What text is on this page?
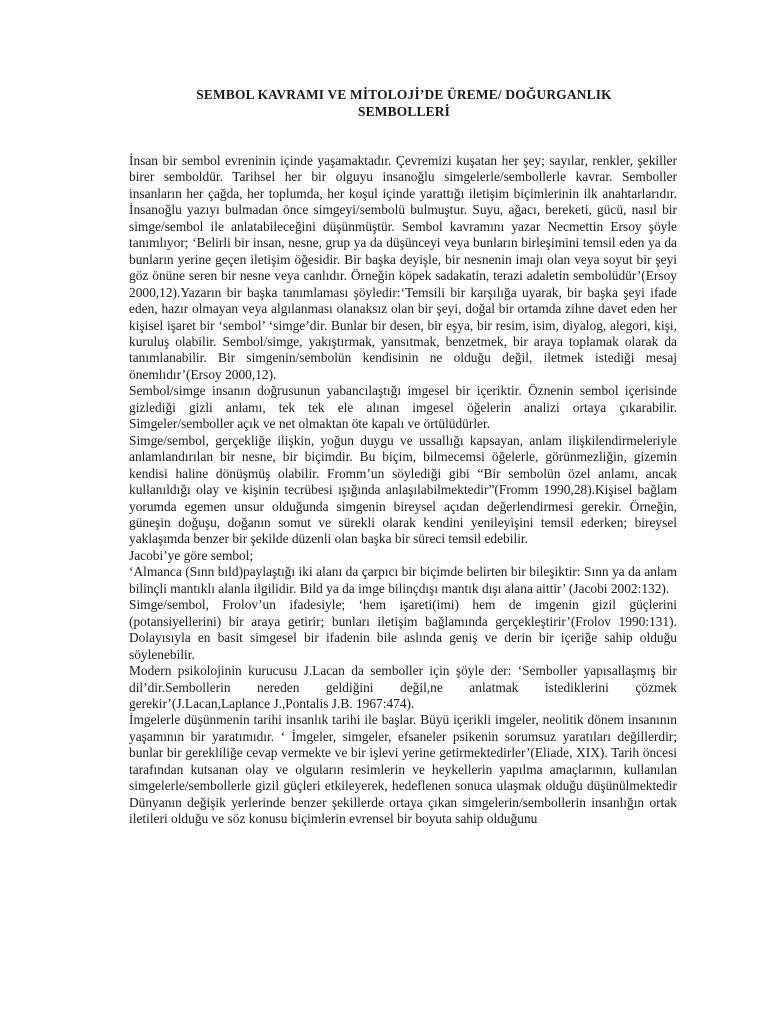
SEMBOL KAVRAMI VE MİTOLOJİ’DE ÜREME/ DOĞURGANLIK
SEMBOLLERİ

İnsan bir sembol evreninin içinde yaşamaktadır. Çevremizi kuşatan her şey; sayılar, renkler, şekiller birer semboldür. Tarihsel her bir olguyu insanoğlu simgelerle/sembollerle kavrar. Semboller insanların her çağda, her toplumda, her koşul içinde yarattığı iletişim biçimlerinin ilk anahtarlarıdır. İnsanoğlu yazıyı bulmadan önce simgeyi/sembolü bulmuştur. Suyu, ağacı, bereketi, gücü, nasıl bir simge/sembol ile anlatabileceğini düşünmüştür. Sembol kavramını yazar Necmettin Ersoy şöyle tanımlıyor; ‘Belirli bir insan, nesne, grup ya da düşünceyi veya bunların birleşimini temsil eden ya da bunların yerine geçen iletişim öğesidir. Bir başka deyişle, bir nesnenin imajı olan veya soyut bir şeyi göz önüne seren bir nesne veya canlıdır. Örneğin köpek sadakatin, terazi adaletin sembolüdür’(Ersoy 2000,12).Yazarın bir başka tanımlaması şöyledir:‘Temsili bir karşılığa uyarak, bir başka şeyi ifade eden, hazır olmayan veya algılanması olanaksız olan bir şeyi, doğal bir ortamda zihne davet eden her kişisel işaret bir ‘sembol’ ‘simge’dir. Bunlar bir desen, bir eşya, bir resim, isim, diyalog, alegori, kişi, kuruluş olabilir. Sembol/simge, yakıştırmak, yansıtmak, benzetmek, bir araya toplamak olarak da tanımlanabilir. Bir simgenin/sembolün kendisinin ne olduğu değil, iletmek istediği mesaj önemlıdır’(Ersoy 2000,12).

Sembol/simge insanın doğrusunun yabancılaştığı imgesel bir içeriktir. Öznenin sembol içerisinde gizlediği gizli anlamı, tek tek ele alınan imgesel öğelerin analizi ortaya çıkarabilir. Simgeler/semboller açık ve net olmaktan öte kapalı ve örtülüdürler.

Simge/sembol, gerçekliğe ilişkin, yoğun duygu ve ussallığı kapsayan, anlam ilişkilendirmeleriyle anlamlandırılan bir nesne, bir biçimdir. Bu biçim, bilmecemsi öğelerle, görünmezliğin, gizemin kendisi haline dönüşmüş olabilir. Fromm’un söylediği gibi “Bir sembolün özel anlamı, ancak kullanıldığı olay ve kişinin tecrübesi ışığında anlaşılabilmektedir”(Fromm 1990,28).Kişisel bağlam yorumda egemen unsur olduğunda simgenin bireysel açıdan değerlendirmesi gerekir. Örneğin, güneşin doğuşu, doğanın somut ve sürekli olarak kendini yenileyişini temsil ederken; bireysel yaklaşımda benzer bir şekilde düzenli olan başka bir süreci temsil edebilir.

Jacobi’ye göre sembol;

‘Almanca (Sınn bıld)paylaştığı iki alanı da çarpıcı bir biçimde belirten bir bileşiktir: Sınn ya da anlam bilinçli mantıklı alanla ilgilidir. Bild ya da imge bilinçdışı mantık dışı alana aittir’ (Jacobi 2002:132).

Simge/sembol, Frolov’un ifadesiyle; ‘hem işareti(imi) hem de imgenin gizil güçlerini (potansiyellerini) bir araya getirir; bunları iletişim bağlamında gerçekleştirir’(Frolov 1990:131). Dolayısıyla en basit simgesel bir ifadenin bile aslında geniş ve derin bir içeriğe sahip olduğu söylenebilir.

Modern psikolojinin kurucusu J.Lacan da semboller için şöyle der: ‘Semboller yapısallaşmış bir dil’dir.Sembollerin nereden geldiğini değil,ne anlatmak istediklerini çözmek gerekir’(J.Lacan,Laplance J.,Pontalis J.B. 1967:474).

İmgelerle düşünmenin tarihi insanlık tarihi ile başlar. Büyü içerikli imgeler, neolitik dönem insanının yaşamının bir yaratımıdır. ‘ İmgeler, simgeler, efsaneler psikenin sorumsuz yaratıları değillerdir; bunlar bir gerekliliğe cevap vermekte ve bir işlevi yerine getirmektedirler’(Eliade, XIX). Tarih öncesi tarafından kutsanan olay ve olguların resimlerin ve heykellerin yapılma amaçlarının, kullanılan simgelerle/sembollerle gizil güçleri etkileyerek, hedeflenen sonuca ulaşmak olduğu düşünülmektedir Dünyanın değişik yerlerinde benzer şekillerde ortaya çıkan simgelerin/sembollerin insanlığın ortak iletileri olduğu ve söz konusu biçimlerin evrensel bir boyuta sahip olduğunu
